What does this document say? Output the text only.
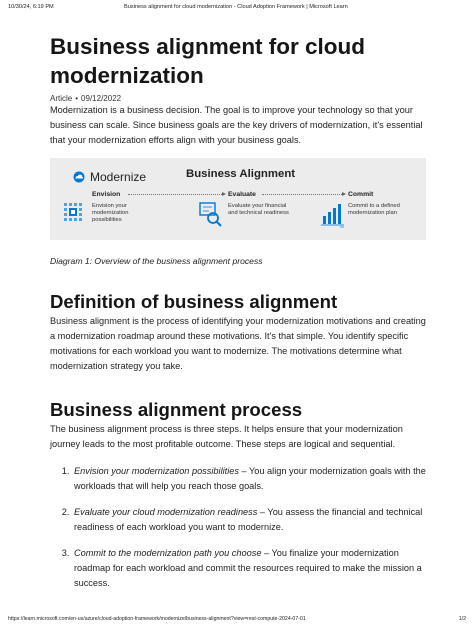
10/30/24, 6:19 PM	Business alignment for cloud modernization - Cloud Adoption Framework | Microsoft Learn
Business alignment for cloud modernization
Article • 09/12/2022

Modernization is a business decision. The goal is to improve your technology so that your business can scale. Since business goals are the key drivers of modernization, it's essential that your modernization efforts align with your business goals.

Modernize	Business Alignment
Envision	Evaluate	Commit
Envision your
modernization
possibilities
Evaluate your financial
and technical readiness
Commit to a defined
modernization plan
Diagram 1: Overview of the business alignment process
Definition of business alignment

Business alignment is the process of identifying your modernization motivations and creating a modernization roadmap around these motivations. It's that simple. You identify specific motivations for each workload you want to modernize. The motivations determine what modernization strategy you take.

Business alignment process

The business alignment process is three steps. It helps ensure that your modernization journey leads to the most profitable outcome. These steps are logical and sequential.

1. Envision your modernization possibilities – You align your modernization goals with the workloads that will help you reach those goals.
2. Evaluate your cloud modernization readiness – You assess the financial and technical readiness of each workload you want to modernize.
3. Commit to the modernization path you choose – You finalize your modernization roadmap for each workload and commit the resources required to make the mission a success.
https://learn.microsoft.com/en-us/azure/cloud-adoption-framework/modernize/business-alignment?view=rest-compute-2024-07-01	1/2
